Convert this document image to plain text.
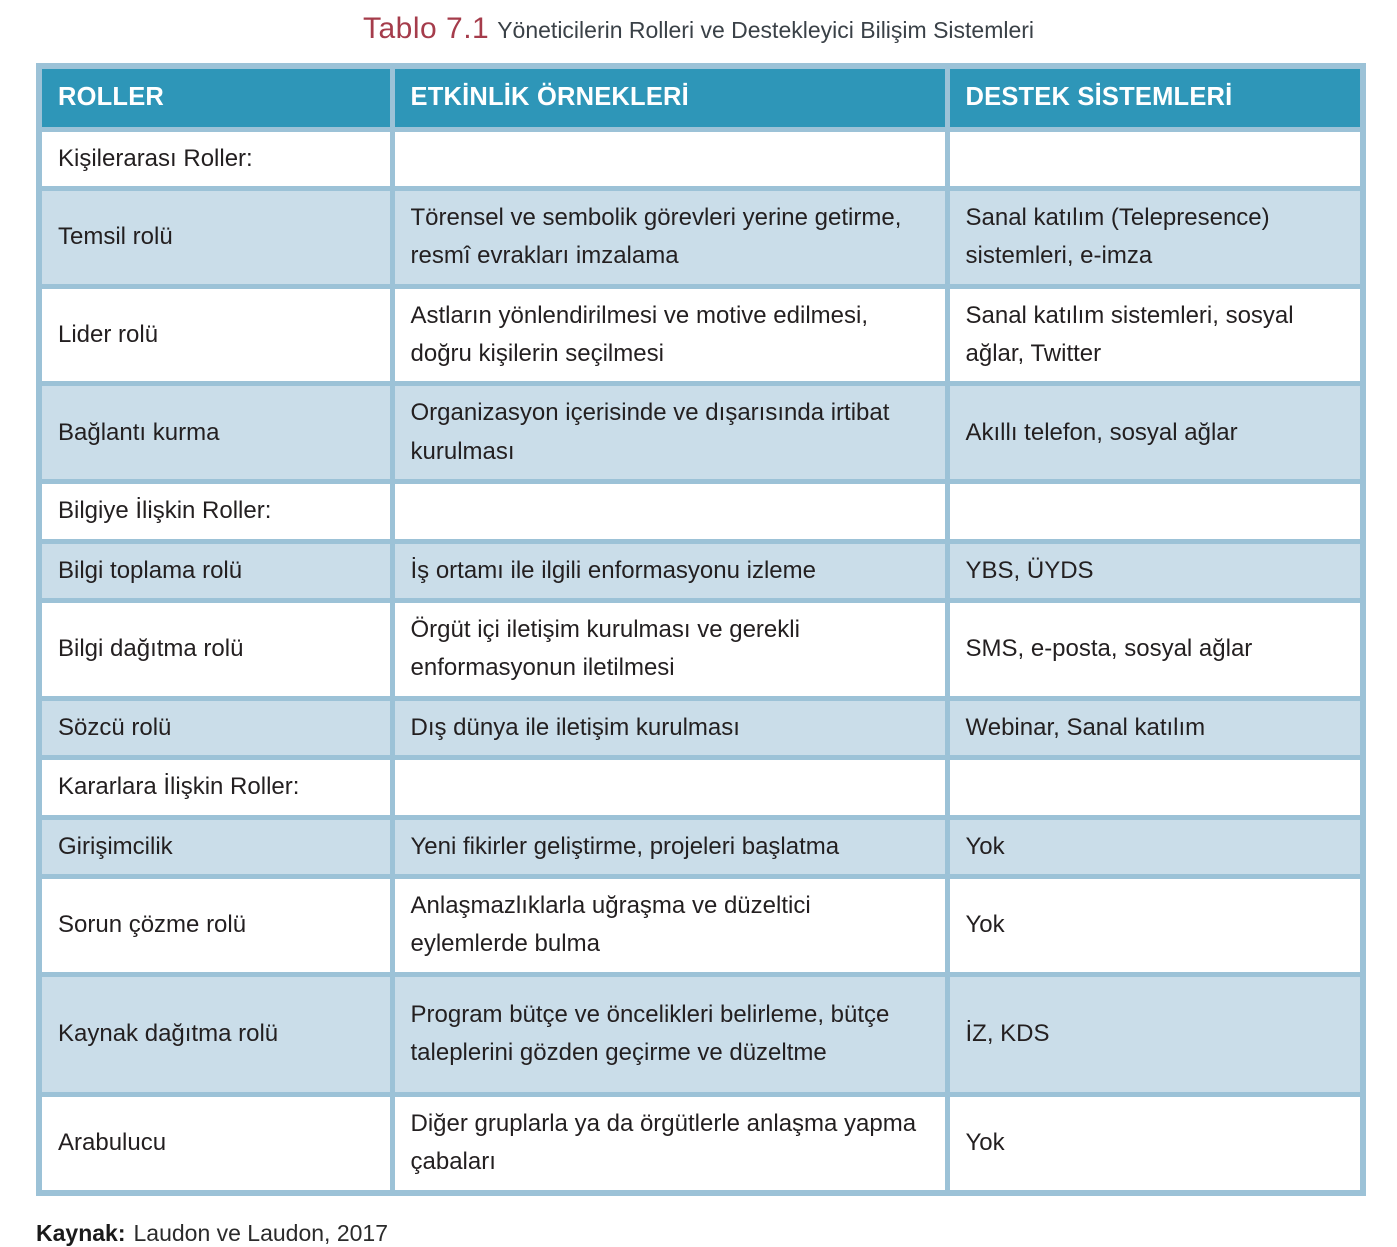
Tablo 7.1 Yöneticilerin Rolleri ve Destekleyici Bilişim Sistemleri
ROLLER	ETKİNLİK ÖRNEKLERİ	DESTEK SİSTEMLERİ
Kişilerarası Roller:		
Temsil rolü	Törensel ve sembolik görevleri yerine getirme, resmî evrakları imzalama	Sanal katılım (Telepresence) sistemleri, e-imza
Lider rolü	Astların yönlendirilmesi ve motive edilmesi, doğru kişilerin seçilmesi	Sanal katılım sistemleri, sosyal ağlar, Twitter
Bağlantı kurma	Organizasyon içerisinde ve dışarısında irtibat kurulması	Akıllı telefon, sosyal ağlar
Bilgiye İlişkin Roller:		
Bilgi toplama rolü	İş ortamı ile ilgili enformasyonu izleme	YBS, ÜYDS
Bilgi dağıtma rolü	Örgüt içi iletişim kurulması ve gerekli enformasyonun iletilmesi	SMS, e-posta, sosyal ağlar
Sözcü rolü	Dış dünya ile iletişim kurulması	Webinar, Sanal katılım
Kararlara İlişkin Roller:		
Girişimcilik	Yeni fikirler geliştirme, projeleri başlatma	Yok
Sorun çözme rolü	Anlaşmazlıklarla uğraşma ve düzeltici eylemlerde bulma	Yok
Kaynak dağıtma rolü	Program bütçe ve öncelikleri belirleme, bütçe taleplerini gözden geçirme ve düzeltme	İZ, KDS
Arabulucu	Diğer gruplarla ya da örgütlerle anlaşma yapma çabaları	Yok
Kaynak: Laudon ve Laudon, 2017
